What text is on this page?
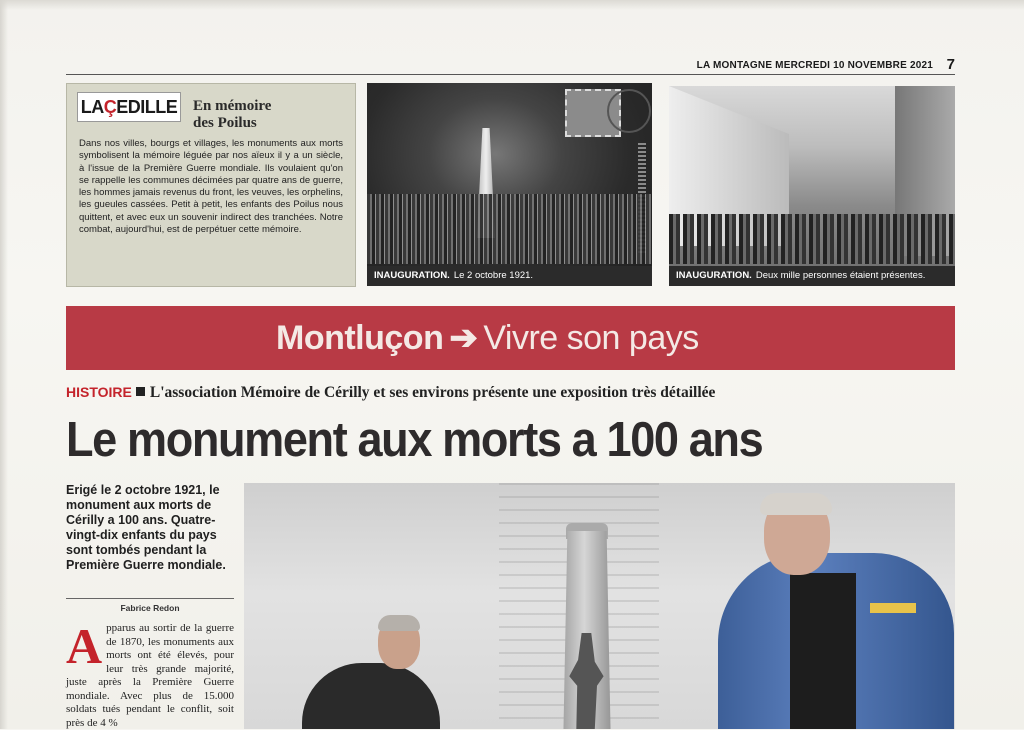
LA MONTAGNE MERCREDI 10 NOVEMBRE 2021 7
LA Ç EDILLE En mémoire
des Poilus
Dans nos villes, bourgs et villages, les monuments aux morts symbolisent la mémoire léguée par nos aïeux il y a un siècle, à l'issue de la Première Guerre mondiale. Ils voulaient qu'on se rappelle les communes décimées par quatre ans de guerre, les hommes jamais revenus du front, les veuves, les orphelins, les gueules cassées. Petit à petit, les enfants des Poilus nous quittent, et avec eux un souvenir indirect des tranchées. Notre combat, aujourd'hui, est de perpétuer cette mémoire.
INAUGURATION. Le 2 octobre 1921.	INAUGURATION. Deux mille personnes étaient présentes.
Montluçon ➔ Vivre son pays
HISTOIRE L'association Mémoire de Cérilly et ses environs présente une exposition très détaillée
Le monument aux morts a 100 ans
Erigé le 2 octobre 1921, le monument aux morts de Cérilly a 100 ans. Quatre-vingt-dix enfants du pays sont tombés pendant la Première Guerre mondiale.
Fabrice Redon
Apparus au sortir de la guerre de 1870, les monuments aux morts ont été élevés, pour leur très grande majorité, juste après la Première Guerre mondiale. Avec plus de 15.000 soldats tués pendant le conflit, soit près de 4 %
